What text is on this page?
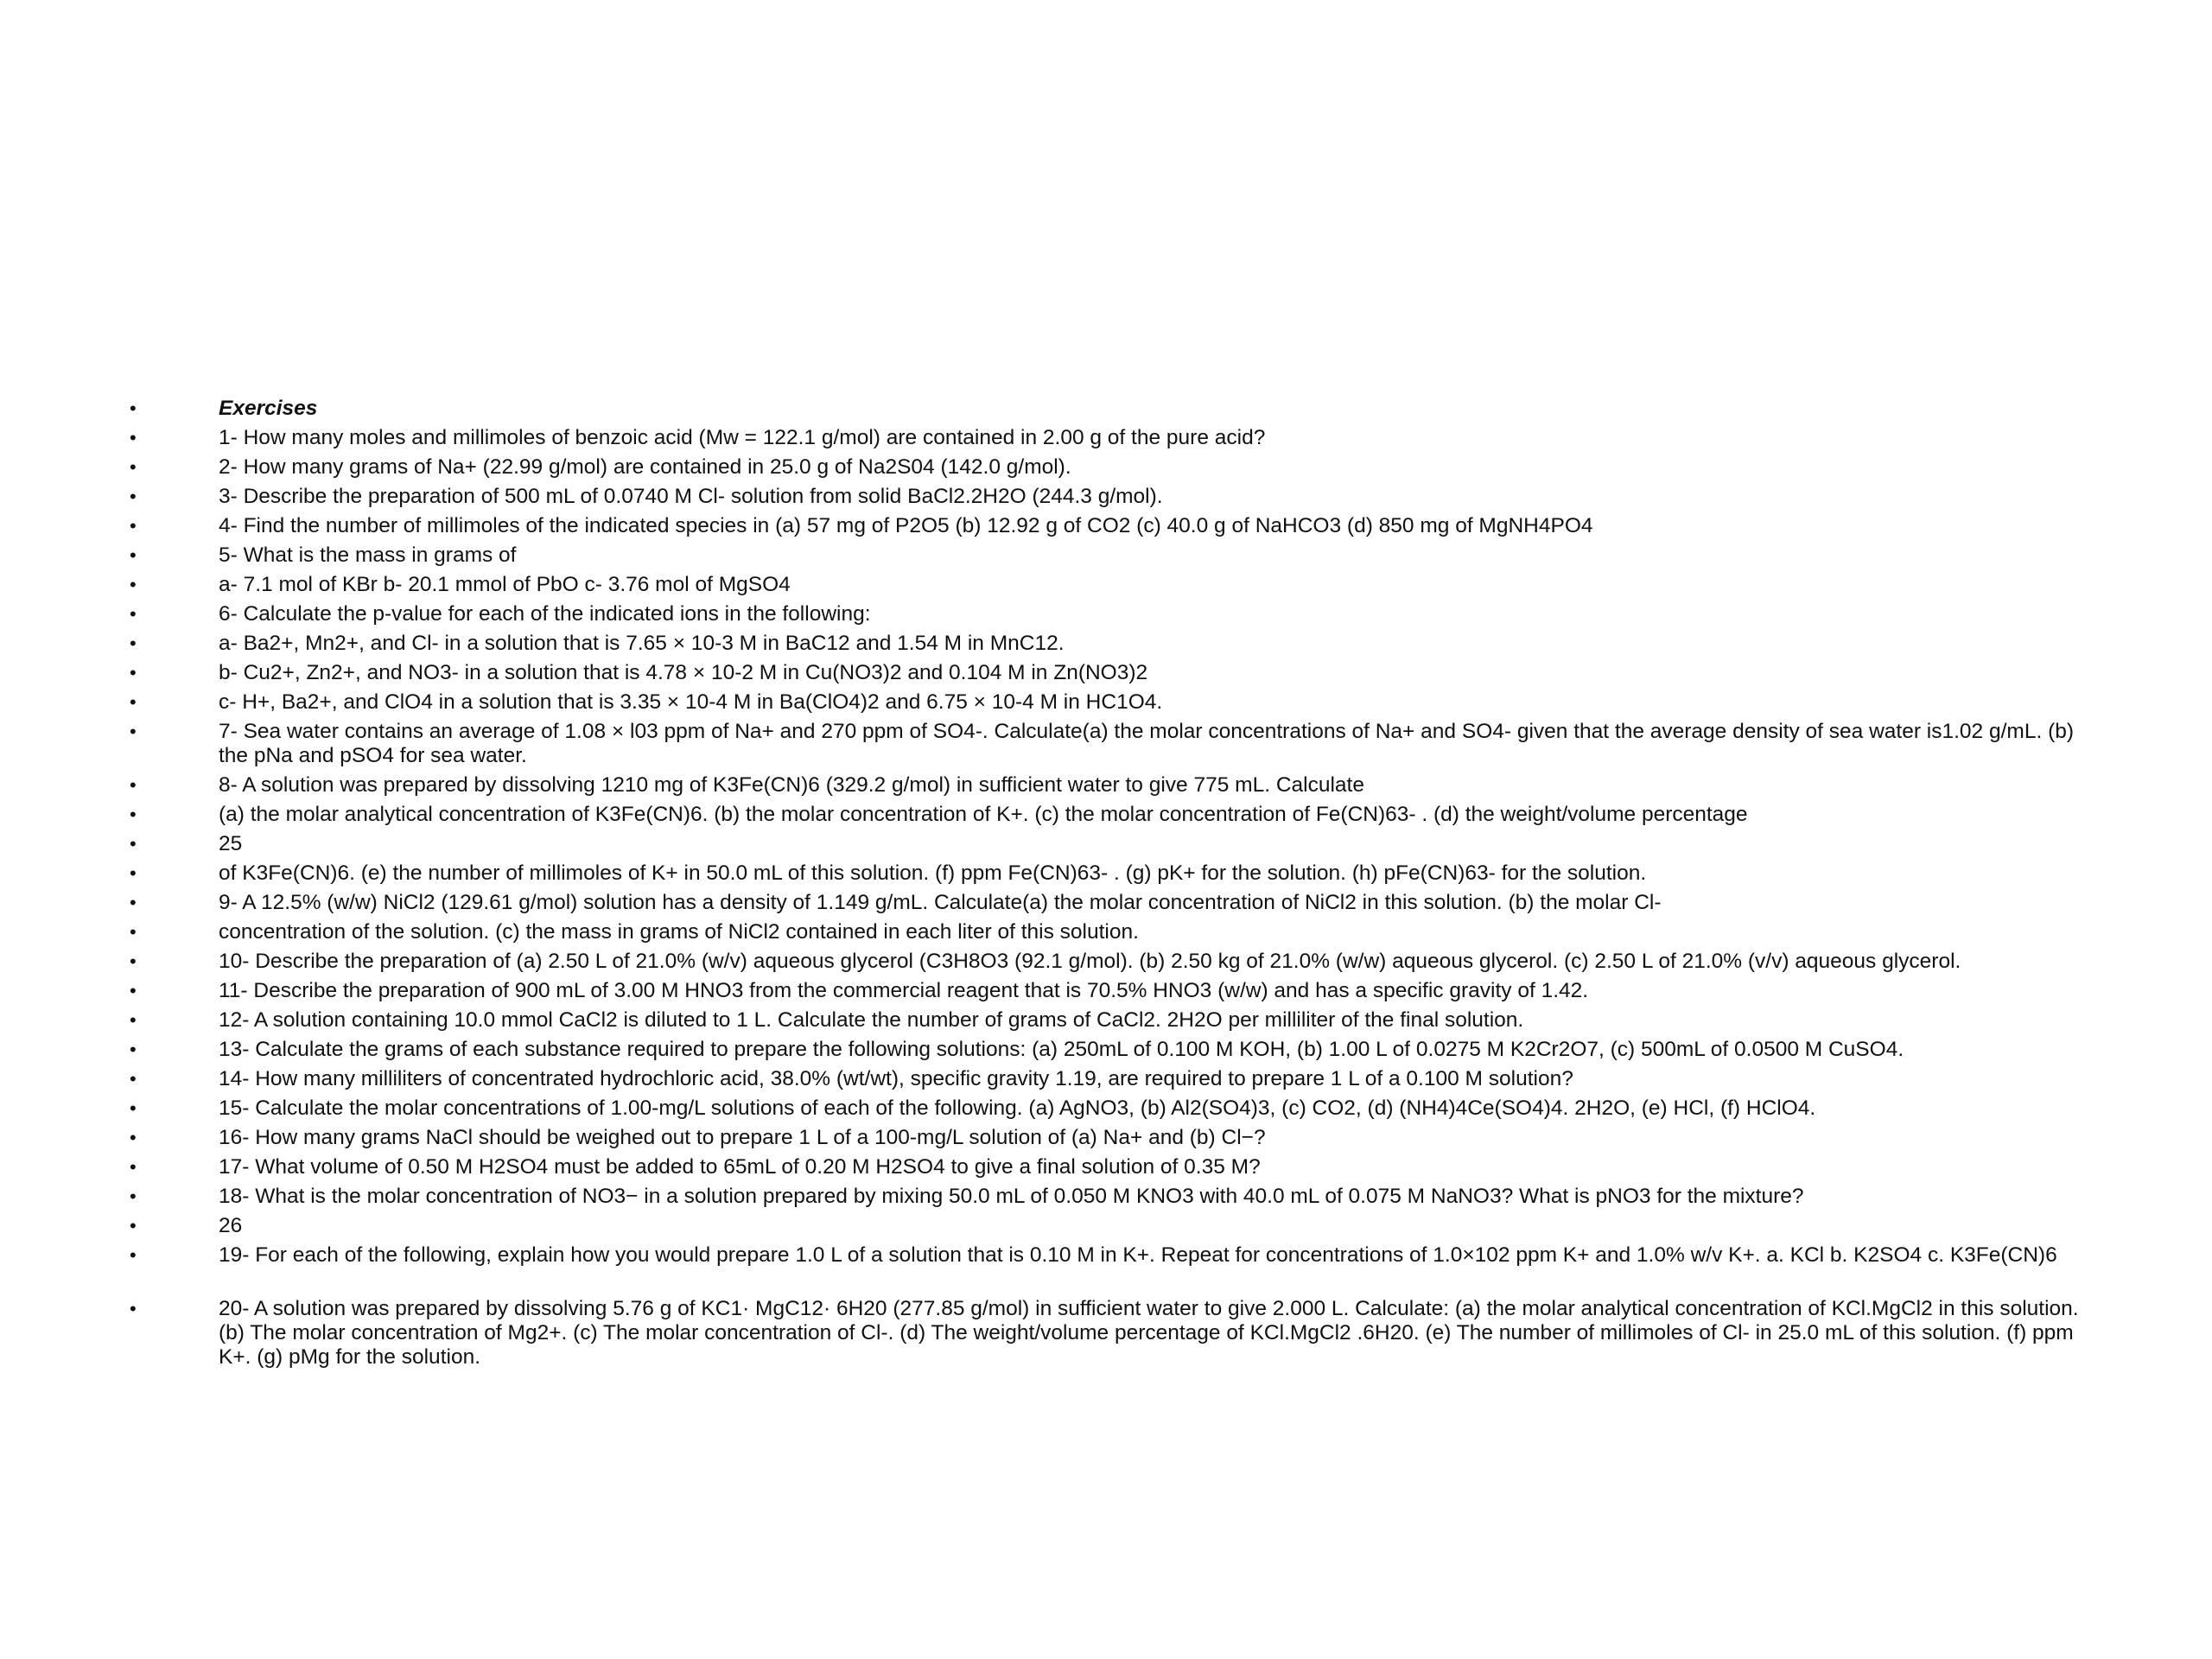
•	Exercises
•	1- How many moles and millimoles of benzoic acid (Mw = 122.1 g/mol) are contained in 2.00 g of the pure acid?
•	2- How many grams of Na+ (22.99 g/mol) are contained in 25.0 g of Na2S04 (142.0 g/mol).
•	3- Describe the preparation of 500 mL of 0.0740 M Cl- solution from solid BaCl2.2H2O (244.3 g/mol).
•	4- Find the number of millimoles of the indicated species in (a) 57 mg of P2O5 (b) 12.92 g of CO2 (c) 40.0 g of NaHCO3 (d) 850 mg of MgNH4PO4
•	5- What is the mass in grams of
•	a- 7.1 mol of KBr b- 20.1 mmol of PbO c- 3.76 mol of MgSO4
•	6- Calculate the p-value for each of the indicated ions in the following:
•	a- Ba2+, Mn2+, and Cl- in a solution that is 7.65 × 10-3 M in BaC12 and 1.54 M in MnC12.
•	b- Cu2+, Zn2+, and NO3- in a solution that is 4.78 × 10-2 M in Cu(NO3)2 and 0.104 M in Zn(NO3)2
•	c- H+, Ba2+, and ClO4 in a solution that is 3.35 × 10-4 M in Ba(ClO4)2 and 6.75 × 10-4 M in HC1O4.
•	7- Sea water contains an average of 1.08 × l03 ppm of Na+ and 270 ppm of SO4-. Calculate(a) the molar concentrations of Na+ and SO4- given that the average density of sea water is1.02 g/mL. (b) the pNa and pSO4 for sea water.
•	8- A solution was prepared by dissolving 1210 mg of K3Fe(CN)6 (329.2 g/mol) in sufficient water to give 775 mL. Calculate
•	(a) the molar analytical concentration of K3Fe(CN)6. (b) the molar concentration of K+. (c) the molar concentration of Fe(CN)63- . (d) the weight/volume percentage
•	25
•	of K3Fe(CN)6. (e) the number of millimoles of K+ in 50.0 mL of this solution. (f) ppm Fe(CN)63- . (g) pK+ for the solution. (h) pFe(CN)63- for the solution.
•	9- A 12.5% (w/w) NiCl2 (129.61 g/mol) solution has a density of 1.149 g/mL. Calculate(a) the molar concentration of NiCl2 in this solution. (b) the molar Cl-
•	concentration of the solution. (c) the mass in grams of NiCl2 contained in each liter of this solution.
•	10- Describe the preparation of (a) 2.50 L of 21.0% (w/v) aqueous glycerol (C3H8O3 (92.1 g/mol). (b) 2.50 kg of 21.0% (w/w) aqueous glycerol. (c) 2.50 L of 21.0% (v/v) aqueous glycerol.
•	11- Describe the preparation of 900 mL of 3.00 M HNO3 from the commercial reagent that is 70.5% HNO3 (w/w) and has a specific gravity of 1.42.
•	12- A solution containing 10.0 mmol CaCl2 is diluted to 1 L. Calculate the number of grams of CaCl2. 2H2O per milliliter of the final solution.
•	13- Calculate the grams of each substance required to prepare the following solutions: (a) 250mL of 0.100 M KOH, (b) 1.00 L of 0.0275 M K2Cr2O7, (c) 500mL of 0.0500 M CuSO4.
•	14- How many milliliters of concentrated hydrochloric acid, 38.0% (wt/wt), specific gravity 1.19, are required to prepare 1 L of a 0.100 M solution?
•	15- Calculate the molar concentrations of 1.00-mg/L solutions of each of the following. (a) AgNO3, (b) Al2(SO4)3, (c) CO2, (d) (NH4)4Ce(SO4)4. 2H2O, (e) HCl, (f) HClO4.
•	16- How many grams NaCl should be weighed out to prepare 1 L of a 100-mg/L solution of (a) Na+ and (b) Cl−?
•	17- What volume of 0.50 M H2SO4 must be added to 65mL of 0.20 M H2SO4 to give a final solution of 0.35 M?
•	18- What is the molar concentration of NO3− in a solution prepared by mixing 50.0 mL of 0.050 M KNO3 with 40.0 mL of 0.075 M NaNO3? What is pNO3 for the mixture?
•	26
•	19- For each of the following, explain how you would prepare 1.0 L of a solution that is 0.10 M in K+. Repeat for concentrations of 1.0×102 ppm K+ and 1.0% w/v K+. a. KCl b. K2SO4 c. K3Fe(CN)6
•	20- A solution was prepared by dissolving 5.76 g of KC1· MgC12· 6H20 (277.85 g/mol) in sufficient water to give 2.000 L. Calculate: (a) the molar analytical concentration of KCl.MgCl2 in this solution. (b) The molar concentration of Mg2+. (c) The molar concentration of Cl-. (d) The weight/volume percentage of KCl.MgCl2 .6H20. (e) The number of millimoles of Cl- in 25.0 mL of this solution. (f) ppm K+. (g) pMg for the solution.
